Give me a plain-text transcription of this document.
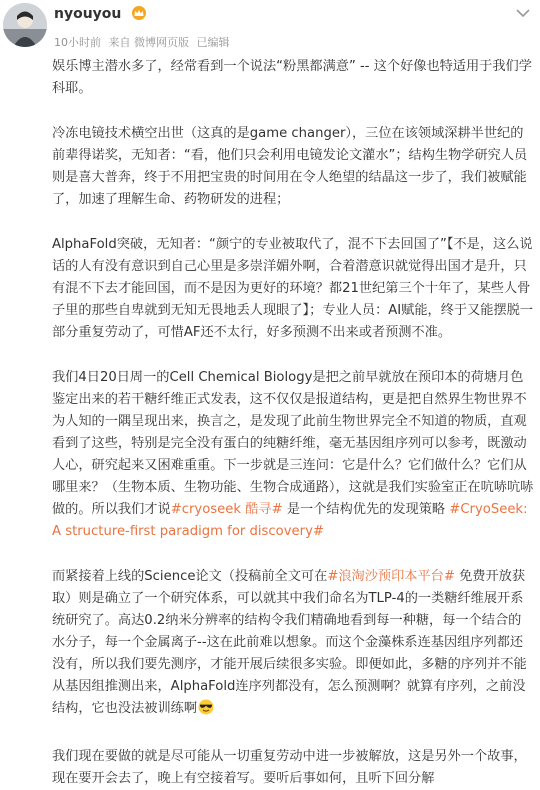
nyouyou
10小时前 来自 微博网页版 已编辑

娱乐博主潜水多了，经常看到一个说法“粉黑都满意” -- 这个好像也特适用于我们学科耶。

冷冻电镜技术横空出世（这真的是game changer），三位在该领域深耕半世纪的前辈得诺奖，无知者：“看，他们只会利用电镜发论文灌水”；结构生物学研究人员则是喜大普奔，终于不用把宝贵的时间用在令人绝望的结晶这一步了，我们被赋能了，加速了理解生命、药物研发的进程；

AlphaFold突破，无知者：“颜宁的专业被取代了，混不下去回国了”【不是，这么说话的人有没有意识到自己心里是多崇洋媚外啊，合着潜意识就觉得出国才是升，只有混不下去才能回国，而不是因为更好的环境？都21世纪第三个十年了，某些人骨子里的那些自卑就到无知无畏地丢人现眼了】；专业人员：AI赋能，终于又能摆脱一部分重复劳动了，可惜AF还不太行，好多预测不出来或者预测不准。

我们4日20日周一的Cell Chemical Biology是把之前早就放在预印本的荷塘月色鉴定出来的若干糖纤维正式发表，这不仅仅是报道结构，更是把自然界生物世界不为人知的一隅呈现出来，换言之，是发现了此前生物世界完全不知道的物质，直观看到了这些，特别是完全没有蛋白的纯糖纤维，毫无基因组序列可以参考，既激动人心，研究起来又困难重重。下一步就是三连问：它是什么？它们做什么？它们从哪里来？（生物本质、生物功能、生物合成通路），这就是我们实验室正在吭哧吭哧做的。所以我们才说#cryoseek 酷寻# 是一个结构优先的发现策略 #CryoSeek: A structure-first paradigm for discovery#

而紧接着上线的Science论文（投稿前全文可在#浪淘沙预印本平台# 免费开放获取）则是确立了一个研究体系，可以就其中我们命名为TLP-4的一类糖纤维展开系统研究了。高达0.2纳米分辨率的结构令我们精确地看到每一种糖，每一个结合的水分子，每一个金属离子--这在此前难以想象。而这个金藻株系连基因组序列都还没有，所以我们要先测序，才能开展后续很多实验。即便如此，多糖的序列并不能从基因组推测出来，AlphaFold连序列都没有，怎么预测啊？就算有序列，之前没结构，它也没法被训练啊

我们现在要做的就是尽可能从一切重复劳动中进一步被解放，这是另外一个故事，现在要开会去了，晚上有空接着写。要听后事如何，且听下回分解
